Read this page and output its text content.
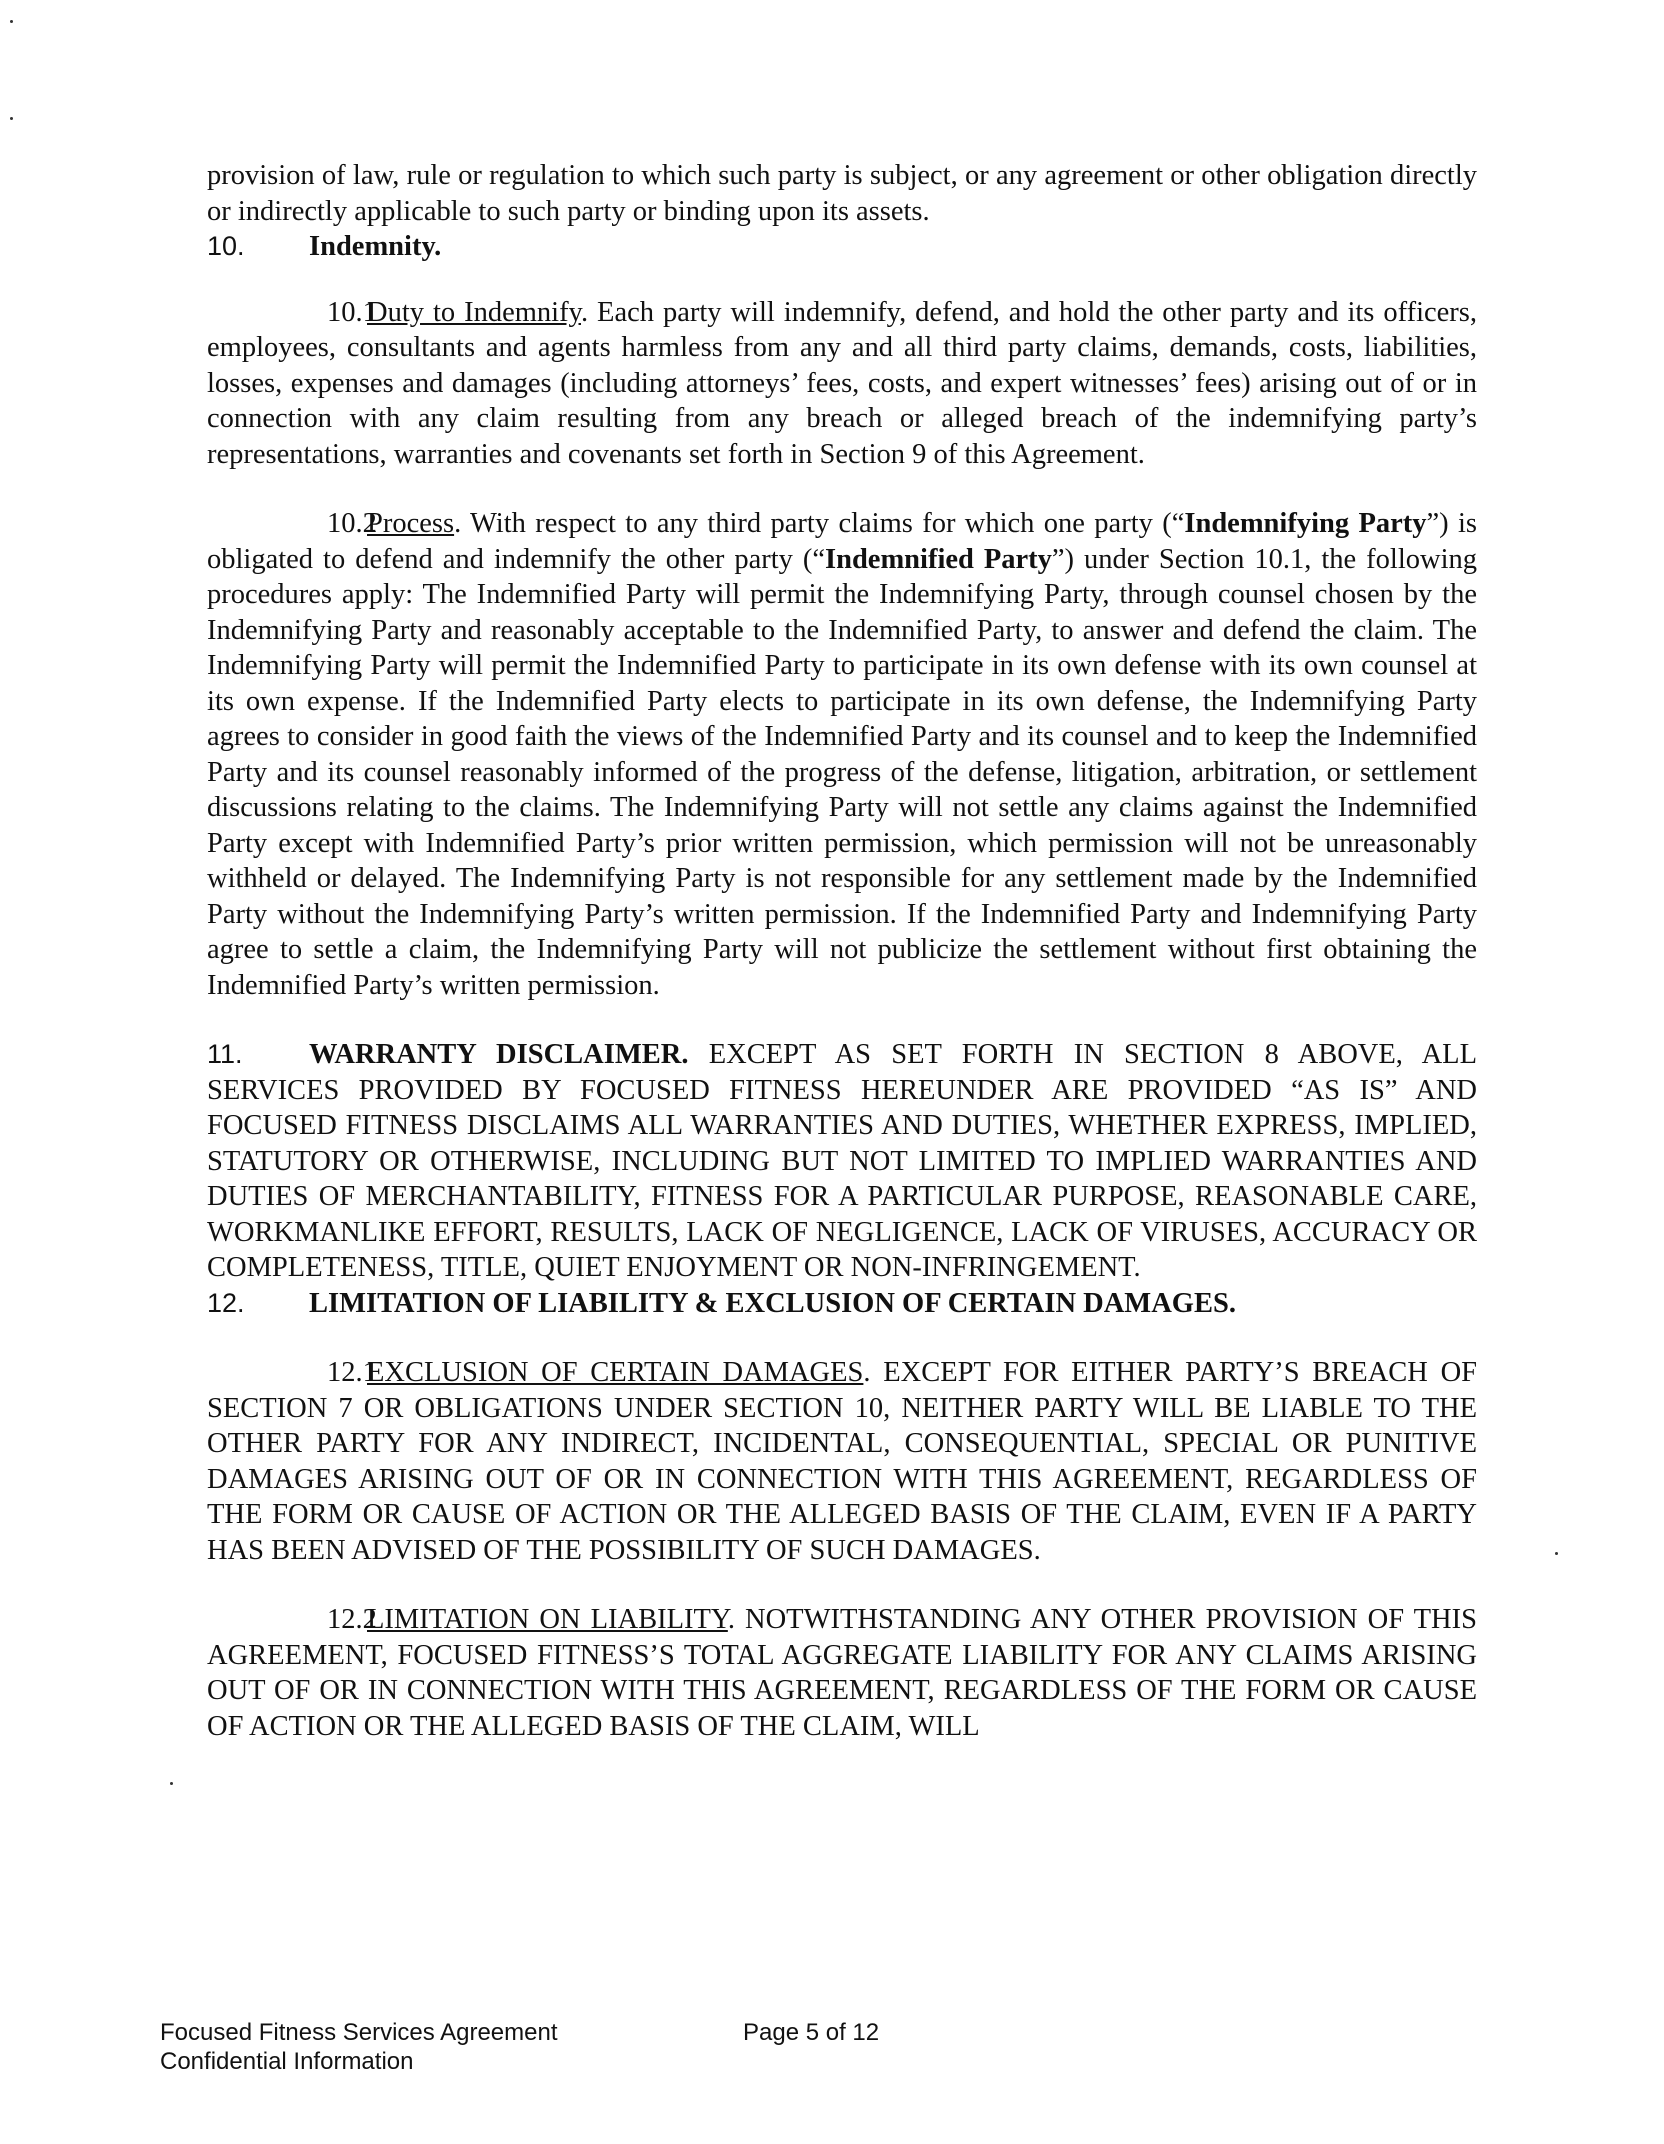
provision of law, rule or regulation to which such party is subject, or any agreement or other obligation directly or indirectly applicable to such party or binding upon its assets.

10.	Indemnity.

10.1Duty to Indemnify. Each party will indemnify, defend, and hold the other party and its officers, employees, consultants and agents harmless from any and all third party claims, demands, costs, liabilities, losses, expenses and damages (including attorneys’ fees, costs, and expert witnesses’ fees) arising out of or in connection with any claim resulting from any breach or alleged breach of the indemnifying party’s representations, warranties and covenants set forth in Section 9 of this Agreement.

10.2Process. With respect to any third party claims for which one party (“Indemnifying Party”) is obligated to defend and indemnify the other party (“Indemnified Party”) under Section 10.1, the following procedures apply: The Indemnified Party will permit the Indemnifying Party, through counsel chosen by the Indemnifying Party and reasonably acceptable to the Indemnified Party, to answer and defend the claim. The Indemnifying Party will permit the Indemnified Party to participate in its own defense with its own counsel at its own expense. If the Indemnified Party elects to participate in its own defense, the Indemnifying Party agrees to consider in good faith the views of the Indemnified Party and its counsel and to keep the Indemnified Party and its counsel reasonably informed of the progress of the defense, litigation, arbitration, or settlement discussions relating to the claims. The Indemnifying Party will not settle any claims against the Indemnified Party except with Indemnified Party’s prior written permission, which permission will not be unreasonably withheld or delayed. The Indemnifying Party is not responsible for any settlement made by the Indemnified Party without the Indemnifying Party’s written permission. If the Indemnified Party and Indemnifying Party agree to settle a claim, the Indemnifying Party will not publicize the settlement without first obtaining the Indemnified Party’s written permission.

11. WARRANTY DISCLAIMER. EXCEPT AS SET FORTH IN SECTION 8 ABOVE, ALL SERVICES PROVIDED BY FOCUSED FITNESS HEREUNDER ARE PROVIDED “AS IS” AND FOCUSED FITNESS DISCLAIMS ALL WARRANTIES AND DUTIES, WHETHER EXPRESS, IMPLIED, STATUTORY OR OTHERWISE, INCLUDING BUT NOT LIMITED TO IMPLIED WARRANTIES AND DUTIES OF MERCHANTABILITY, FITNESS FOR A PARTICULAR PURPOSE, REASONABLE CARE, WORKMANLIKE EFFORT, RESULTS, LACK OF NEGLIGENCE, LACK OF VIRUSES, ACCURACY OR COMPLETENESS, TITLE, QUIET ENJOYMENT OR NON-INFRINGEMENT.

12.	LIMITATION OF LIABILITY & EXCLUSION OF CERTAIN DAMAGES.

12.1EXCLUSION OF CERTAIN DAMAGES. EXCEPT FOR EITHER PARTY’S BREACH OF SECTION 7 OR OBLIGATIONS UNDER SECTION 10, NEITHER PARTY WILL BE LIABLE TO THE OTHER PARTY FOR ANY INDIRECT, INCIDENTAL, CONSEQUENTIAL, SPECIAL OR PUNITIVE DAMAGES ARISING OUT OF OR IN CONNECTION WITH THIS AGREEMENT, REGARDLESS OF THE FORM OR CAUSE OF ACTION OR THE ALLEGED BASIS OF THE CLAIM, EVEN IF A PARTY HAS BEEN ADVISED OF THE POSSIBILITY OF SUCH DAMAGES.

12.2LIMITATION ON LIABILITY. NOTWITHSTANDING ANY OTHER PROVISION OF THIS AGREEMENT, FOCUSED FITNESS’S TOTAL AGGREGATE LIABILITY FOR ANY CLAIMS ARISING OUT OF OR IN CONNECTION WITH THIS AGREEMENT, REGARDLESS OF THE FORM OR CAUSE OF ACTION OR THE ALLEGED BASIS OF THE CLAIM, WILL

Focused Fitness Services Agreement
Confidential Information
Page 5 of 12
